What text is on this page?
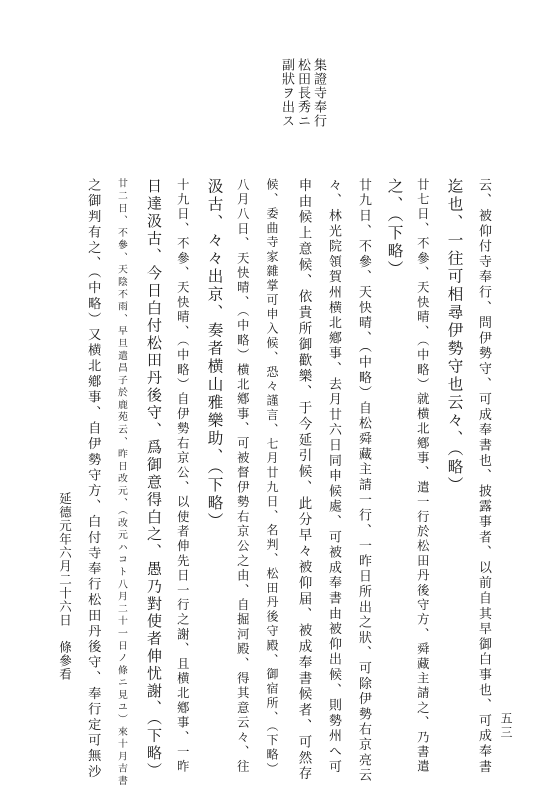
集證寺奉行
松田長秀ニ
副狀ヲ出ス
云、被仰付寺奉行、問伊勢守、可成奉書也、披露事者、以前自其早御白事也、可成奉書
迄也、一往可相尋伊勢守也云々、（略）
廿七日、不參、天快晴、（中略）就横北鄕事、遣一行於松田丹後守方、舜藏主請之、乃書遣
之、（下略）
廿九日、不參、天快晴、（中略）自松舜藏主請一行、一昨日所出之狀、可除伊勢右京亮云
々、林光院領賀州横北鄕事、去月廿六日同申候處、可被成奉書由被仰出候、則勢州へ可
申由候上意候、依貴所御歡樂、于今延引候、此分早々被仰届、被成奉書候者、可然存
候、委曲寺家雜掌可申入候、恐々謹言、七月廿九日、名判、松田丹後守殿、御宿所、（下略）
八月八日、天快晴、（中略）横北鄕事、可被督伊勢右京公之由、自掘河殿、得其意云々、往
汲古、々々出京、奏者横山雅樂助、（下略）
十九日、不參、天快晴、（中略）自伊勢右京公、以使者伸先日一行之謝、且横北鄕事、一昨
日達汲古、今日白付松田丹後守、爲御意得白之、愚乃對使者伸忧謝、（下略）
廿二日、不參、天陰不雨、早旦遣昌子於鹿苑云、昨日改元、（改元ハコト八月二十一日ノ條ニ見ユ）來十月吉書
之御判有之、（中略）又横北鄕事、自伊勢守方、白付寺奉行松田丹後守、奉行定可無沙
延德元年六月二十六日　條參看
五三
